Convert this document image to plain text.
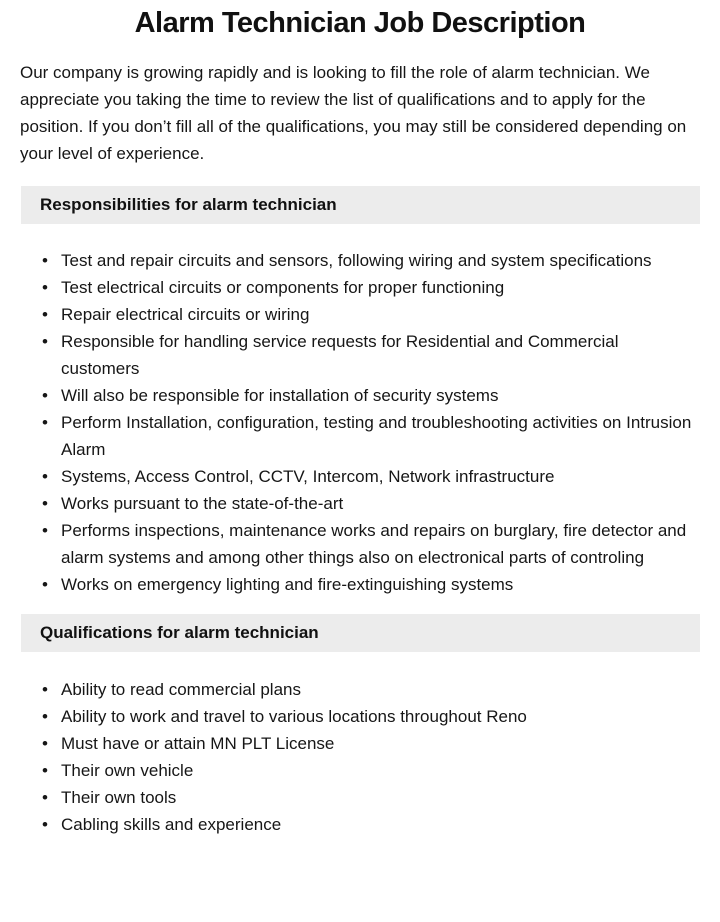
Alarm Technician Job Description

Our company is growing rapidly and is looking to fill the role of alarm technician. We appreciate you taking the time to review the list of qualifications and to apply for the position. If you don’t fill all of the qualifications, you may still be considered depending on your level of experience.

Responsibilities for alarm technician
• Test and repair circuits and sensors, following wiring and system specifications
• Test electrical circuits or components for proper functioning
• Repair electrical circuits or wiring
• Responsible for handling service requests for Residential and Commercial customers
• Will also be responsible for installation of security systems
• Perform Installation, configuration, testing and troubleshooting activities on Intrusion Alarm
• Systems, Access Control, CCTV, Intercom, Network infrastructure
• Works pursuant to the state-of-the-art
• Performs inspections, maintenance works and repairs on burglary, fire detector and alarm systems and among other things also on electronical parts of controling
• Works on emergency lighting and fire-extinguishing systems
Qualifications for alarm technician
• Ability to read commercial plans
• Ability to work and travel to various locations throughout Reno
• Must have or attain MN PLT License
• Their own vehicle
• Their own tools
• Cabling skills and experience
